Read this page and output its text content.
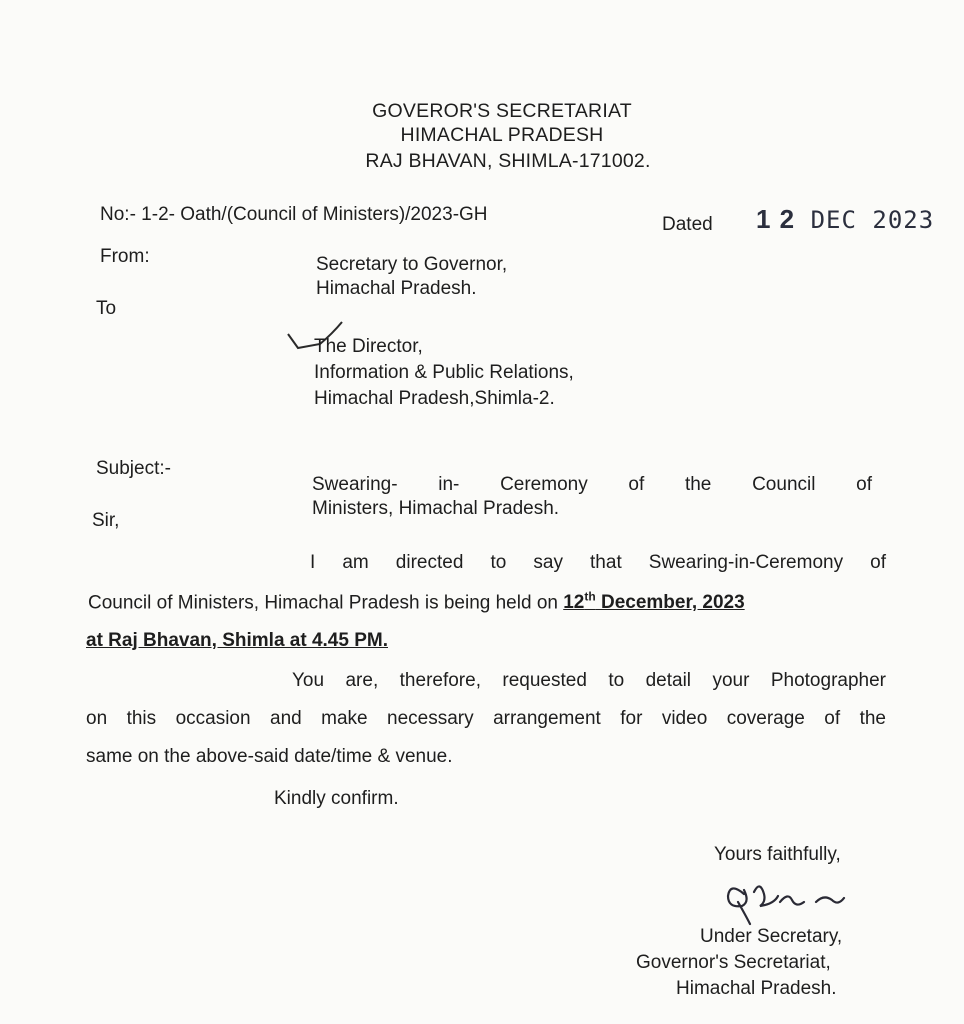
GOVEROR'S SECRETARIAT
HIMACHAL PRADESH
RAJ BHAVAN, SHIMLA-171002.
No:- 1-2- Oath/(Council of Ministers)/2023-GH	Dated 1 2 DEC 2023
From:	Secretary to Governor,
Himachal Pradesh.
To
The Director,
Information & Public Relations,
Himachal Pradesh,Shimla-2.
Subject:-
Swearing- in- Ceremony of the Council of
Ministers, Himachal Pradesh.
Sir,
I am directed to say that Swearing-in-Ceremony of
Council of Ministers, Himachal Pradesh is being held on 12th December, 2023
at Raj Bhavan, Shimla at 4.45 PM.
You are, therefore, requested to detail your Photographer
on this occasion and make necessary arrangement for video coverage of the
same on the above-said date/time & venue.
Kindly confirm.
Yours faithfully,
Under Secretary,
Governor's Secretariat,
Himachal Pradesh.
